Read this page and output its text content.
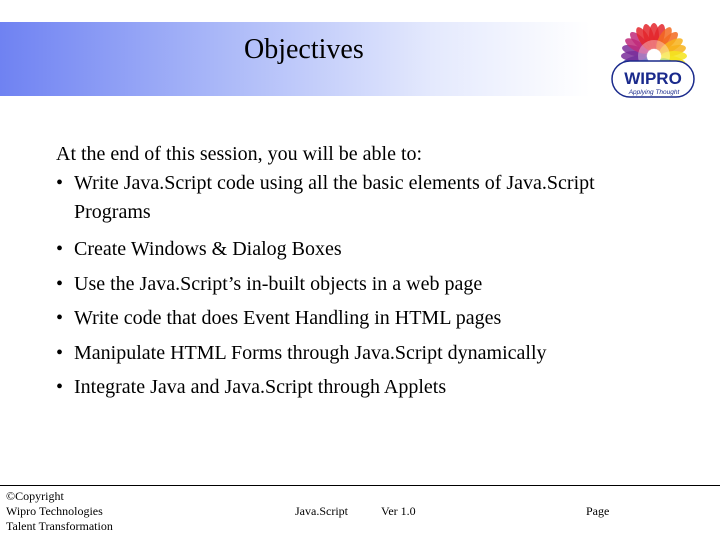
Objectives
WIPRO
Applying Thought
At the end of this session, you will be able to:
• Write Java.Script code using all the basic elements of Java.Script Programs
• Create Windows & Dialog Boxes
• Use the Java.Script’s in-built objects in a web page
• Write code that does Event Handling in HTML pages
• Manipulate HTML Forms through Java.Script dynamically
• Integrate Java and Java.Script through Applets
©Copyright
Wipro Technologies
Talent Transformation
Java.Script	Ver 1.0	Page
